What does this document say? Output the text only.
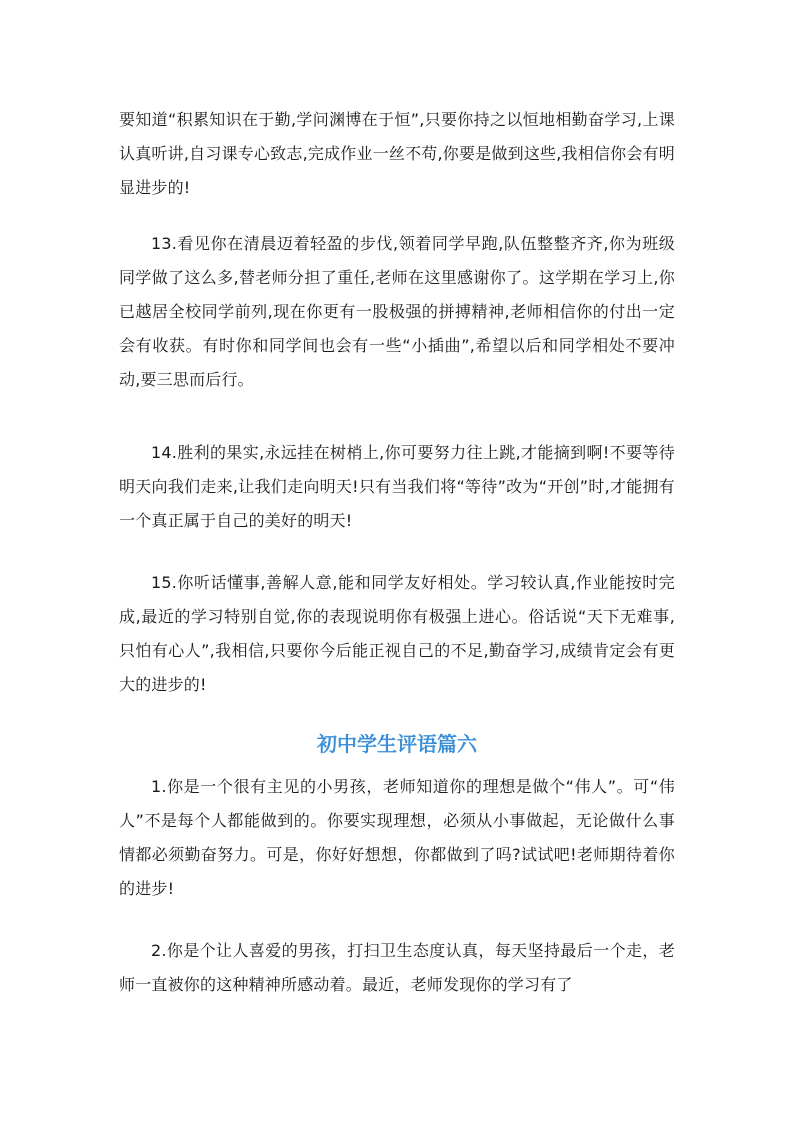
要知道“积累知识在于勤,学问渊博在于恒”,只要你持之以恒地相勤奋学习,上课认真听讲,自习课专心致志,完成作业一丝不苟,你要是做到这些,我相信你会有明显进步的!

13.看见你在清晨迈着轻盈的步伐,领着同学早跑,队伍整整齐齐,你为班级同学做了这么多,替老师分担了重任,老师在这里感谢你了。这学期在学习上,你已越居全校同学前列,现在你更有一股极强的拼搏精神,老师相信你的付出一定会有收获。有时你和同学间也会有一些“小插曲”,希望以后和同学相处不要冲动,要三思而后行。

14.胜利的果实,永远挂在树梢上,你可要努力往上跳,才能摘到啊!不要等待明天向我们走来,让我们走向明天!只有当我们将“等待”改为“开创”时,才能拥有一个真正属于自己的美好的明天!

15.你听话懂事,善解人意,能和同学友好相处。学习较认真,作业能按时完成,最近的学习特别自觉,你的表现说明你有极强上进心。俗话说“天下无难事,只怕有心人”,我相信,只要你今后能正视自己的不足,勤奋学习,成绩肯定会有更大的进步的!

初中学生评语篇六

1.你是一个很有主见的小男孩，老师知道你的理想是做个“伟人”。可“伟人”不是每个人都能做到的。你要实现理想，必须从小事做起，无论做什么事情都必须勤奋努力。可是，你好好想想，你都做到了吗?试试吧!老师期待着你的进步!

2.你是个让人喜爱的男孩，打扫卫生态度认真，每天坚持最后一个走，老师一直被你的这种精神所感动着。最近，老师发现你的学习有了
